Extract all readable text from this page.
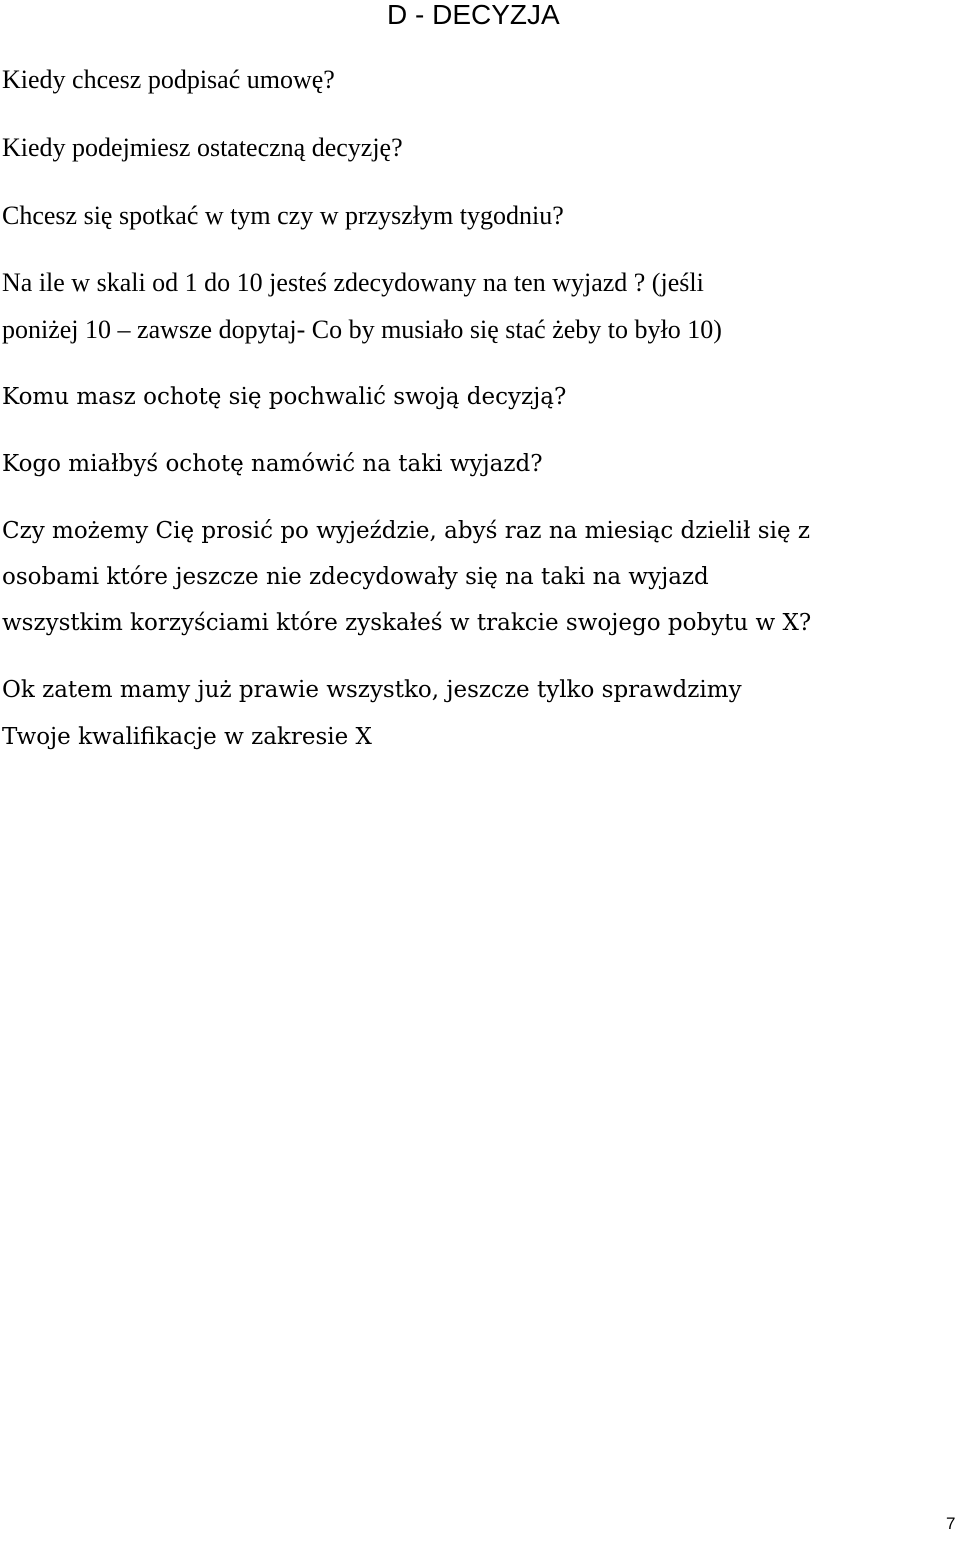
D - DECYZJA

Kiedy chcesz podpisać umowę?

Kiedy podejmiesz ostateczną decyzję?

Chcesz się spotkać w tym czy w przyszłym tygodniu?

Na ile w skali od 1 do 10 jesteś zdecydowany na ten wyjazd ? (jeśli

poniżej 10 – zawsze dopytaj- Co by musiało się stać żeby to było 10)

Komu masz ochotę się pochwalić swoją decyzją?

Kogo miałbyś ochotę namówić na taki wyjazd?

Czy możemy Cię prosić po wyjeździe, abyś raz na miesiąc dzielił się z

osobami które jeszcze nie zdecydowały się na taki na wyjazd

wszystkim korzyściami które zyskałeś w trakcie swojego pobytu w X?

Ok zatem mamy już prawie wszystko, jeszcze tylko sprawdzimy

Twoje kwalifikacje w zakresie X

7
